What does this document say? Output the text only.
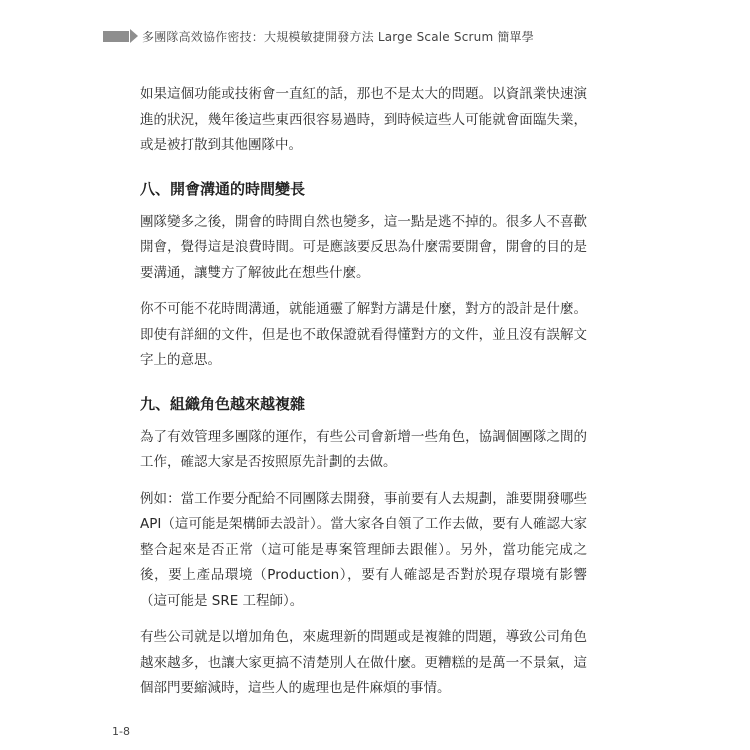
多團隊高效協作密技：大規模敏捷開發方法 Large Scale Scrum 簡單學

如果這個功能或技術會一直紅的話，那也不是太大的問題。以資訊業快速演進的狀況，幾年後這些東西很容易過時，到時候這些人可能就會面臨失業，或是被打散到其他團隊中。

八、開會溝通的時間變長

團隊變多之後，開會的時間自然也變多，這一點是逃不掉的。很多人不喜歡開會，覺得這是浪費時間。可是應該要反思為什麼需要開會，開會的目的是要溝通，讓雙方了解彼此在想些什麼。

你不可能不花時間溝通，就能通靈了解對方講是什麼，對方的設計是什麼。即使有詳細的文件，但是也不敢保證就看得懂對方的文件，並且沒有誤解文字上的意思。

九、組織角色越來越複雜

為了有效管理多團隊的運作，有些公司會新增一些角色，協調個團隊之間的工作，確認大家是否按照原先計劃的去做。

例如：當工作要分配給不同團隊去開發，事前要有人去規劃，誰要開發哪些 API（這可能是架構師去設計）。當大家各自領了工作去做，要有人確認大家整合起來是否正常（這可能是專案管理師去跟催）。另外，當功能完成之後，要上產品環境（Production），要有人確認是否對於現存環境有影響（這可能是 SRE 工程師）。

有些公司就是以增加角色，來處理新的問題或是複雜的問題，導致公司角色越來越多，也讓大家更搞不清楚別人在做什麼。更糟糕的是萬一不景氣，這個部門要縮減時，這些人的處理也是件麻煩的事情。

1-8
